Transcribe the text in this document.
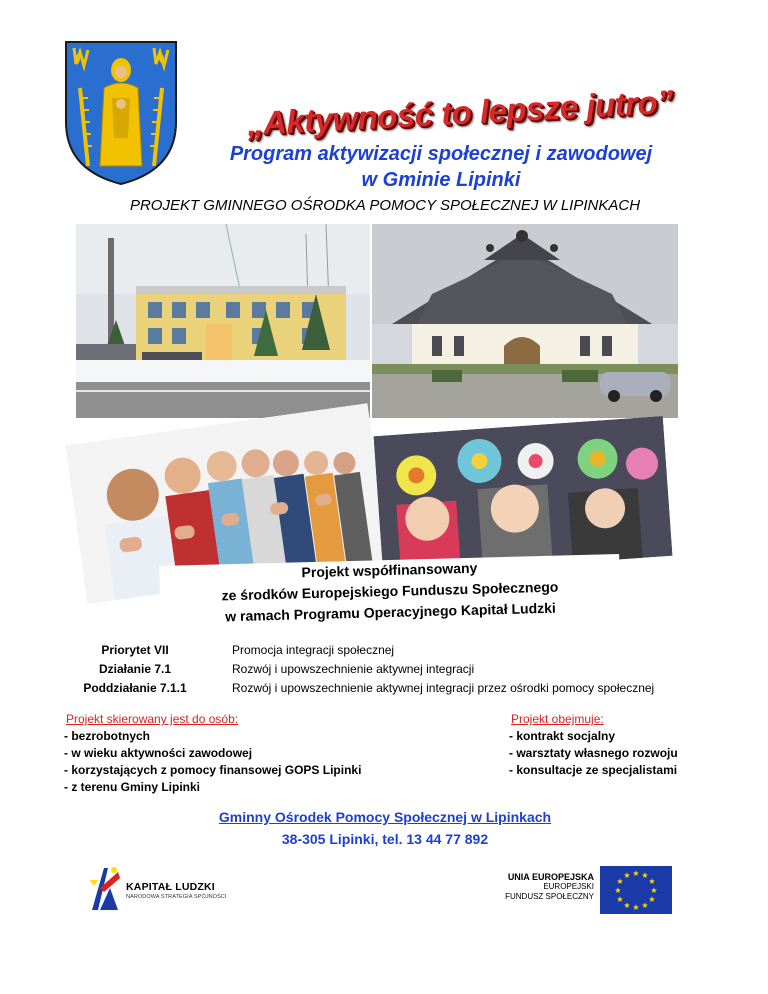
„Aktywność to lepsze jutro”
Program aktywizacji społecznej i zawodowej
w Gminie Lipinki
PROJEKT GMINNEGO OŚRODKA POMOCY SPOŁECZNEJ W LIPINKACH
Projekt współfinansowany
ze środków Europejskiego Funduszu Społecznego
w ramach Programu Operacyjnego Kapitał Ludzki
Priorytet VII
Działanie 7.1
Poddziałanie 7.1.1
Promocja integracji społecznej
Rozwój i upowszechnienie aktywnej integracji
Rozwój i upowszechnienie aktywnej integracji przez ośrodki pomocy społecznej
Projekt skierowany jest do osób:
- bezrobotnych
- w wieku aktywności zawodowej
- korzystających z pomocy finansowej GOPS Lipinki
- z terenu Gminy Lipinki
Projekt obejmuje:
- kontrakt socjalny
- warsztaty własnego rozwoju
- konsultacje ze specjalistami
Gminny Ośrodek Pomocy Społecznej w Lipinkach
38-305 Lipinki, tel. 13 44 77 892
KAPITAŁ LUDZKI
NARODOWA STRATEGIA SPÓJNOŚCI
UNIA EUROPEJSKA
EUROPEJSKI
FUNDUSZ SPOŁECZNY
★ ★
★
★
★
★
★
★
★
★
★
★
